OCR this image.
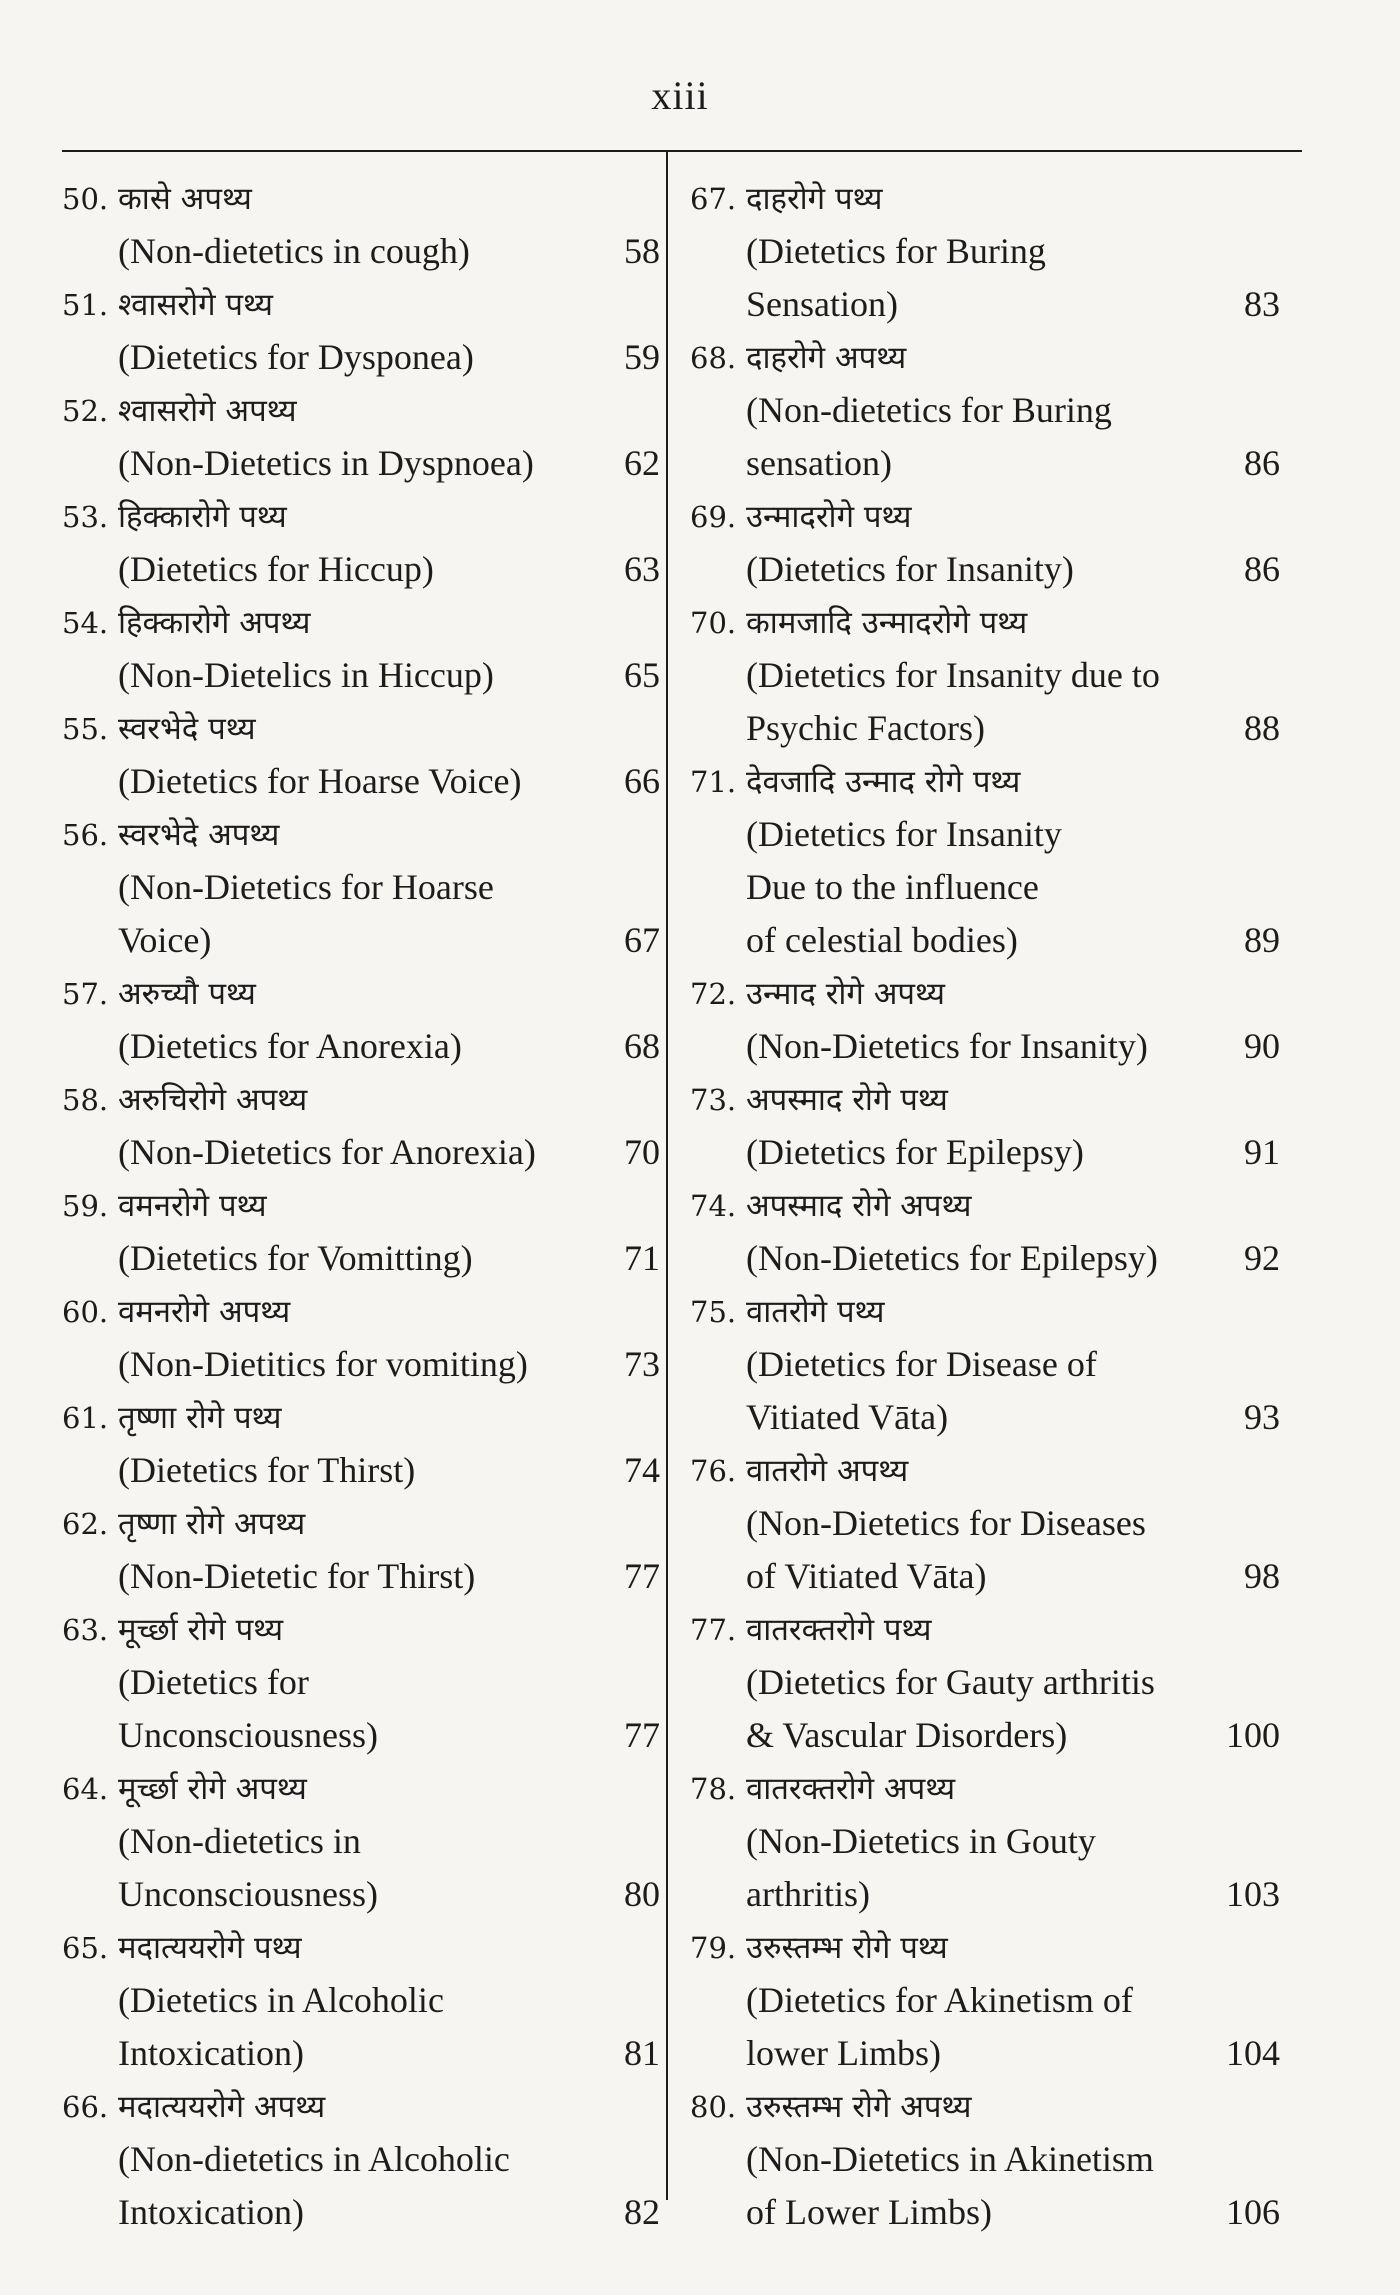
xiii
50. कासे अपथ्य
(Non-dietetics in cough)	58
51. श्वासरोगे पथ्य
(Dietetics for Dysponea)	59
52. श्वासरोगे अपथ्य
(Non-Dietetics in Dyspnoea)	62
53. हिक्कारोगे पथ्य
(Dietetics for Hiccup)	63
54. हिक्कारोगे अपथ्य
(Non-Dietelics in Hiccup)	65
55. स्वरभेदे पथ्य
(Dietetics for Hoarse Voice)	66
56. स्वरभेदे अपथ्य
(Non-Dietetics for Hoarse
Voice)	67
57. अरुच्यौ पथ्य
(Dietetics for Anorexia)	68
58. अरुचिरोगे अपथ्य
(Non-Dietetics for Anorexia) 70
59. वमनरोगे पथ्य
(Dietetics for Vomitting)	71
60. वमनरोगे अपथ्य
(Non-Dietitics for vomiting)	73
61. तृष्णा रोगे पथ्य
(Dietetics for Thirst)	74
62. तृष्णा रोगे अपथ्य
(Non-Dietetic for Thirst)	77
63. मूर्च्छा रोगे पथ्य
(Dietetics for
Unconsciousness)	77
64. मूर्च्छा रोगे अपथ्य
(Non-dietetics in
Unconsciousness)	80
65. मदात्ययरोगे पथ्य
(Dietetics in Alcoholic
Intoxication)	81
66. मदात्ययरोगे अपथ्य
(Non-dietetics in Alcoholic
Intoxication)	82
67. दाहरोगे पथ्य
(Dietetics for Buring
Sensation)	83
68. दाहरोगे अपथ्य
(Non-dietetics for Buring
sensation)	86
69. उन्मादरोगे पथ्य
(Dietetics for Insanity)	86
70. कामजादि उन्मादरोगे पथ्य
(Dietetics for Insanity due to
Psychic Factors)	88
71. देवजादि उन्माद रोगे पथ्य
(Dietetics for Insanity
Due to the influence
of celestial bodies)	89
72. उन्माद रोगे अपथ्य
(Non-Dietetics for Insanity)	90
73. अपस्माद रोगे पथ्य
(Dietetics for Epilepsy)	91
74. अपस्माद रोगे अपथ्य
(Non-Dietetics for Epilepsy) 92
75. वातरोगे पथ्य
(Dietetics for Disease of
Vitiated Vāta)	93
76. वातरोगे अपथ्य
(Non-Dietetics for Diseases
of Vitiated Vāta)	98
77. वातरक्तरोगे पथ्य
(Dietetics for Gauty arthritis
& Vascular Disorders)	100
78. वातरक्तरोगे अपथ्य
(Non-Dietetics in Gouty
arthritis)	103
79. उरुस्तम्भ रोगे पथ्य
(Dietetics for Akinetism of
lower Limbs)	104
80. उरुस्तम्भ रोगे अपथ्य
(Non-Dietetics in Akinetism
of Lower Limbs)	106
